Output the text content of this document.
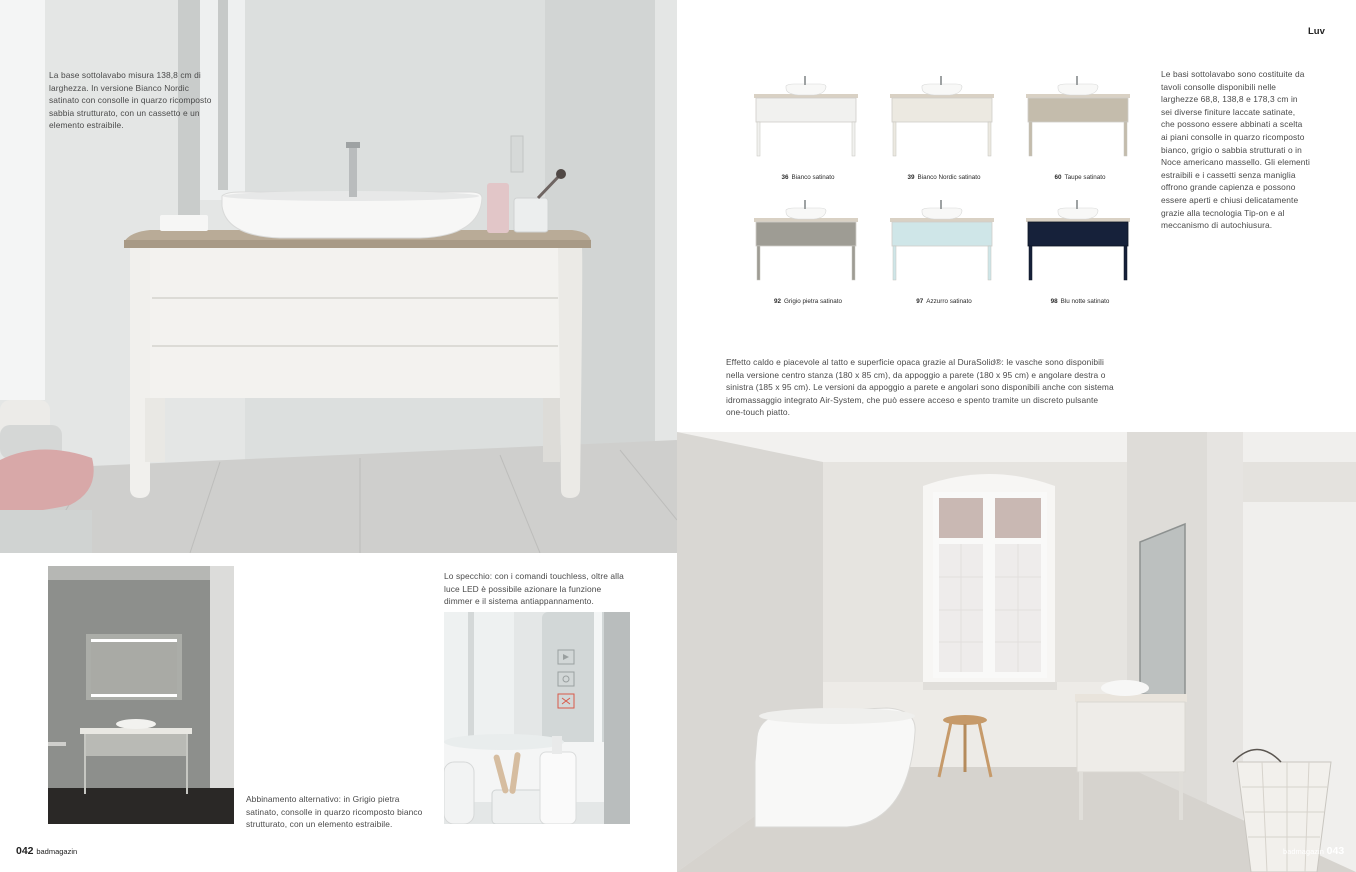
La base sottolavabo misura 138,8 cm di larghezza. In versione Bianco Nordic satinato con consolle in quarzo ricomposto sabbia strutturato, con un cassetto e un elemento estraibile.

Abbinamento alternativo: in Grigio pietra satinato, consolle in quarzo ricomposto bianco strutturato, con un elemento estraibile.

Lo specchio: con i comandi touchless, oltre alla luce LED è possibile azionare la funzione dimmer e il sistema antiappannamento.

042 badmagazin
Luv
36 Bianco satinato	39 Bianco Nordic satinato	60 Taupe satinato
92 Grigio pietra satinato	97 Azzurro satinato	98 Blu notte satinato

Le basi sottolavabo sono costituite da tavoli consolle disponibili nelle larghezze 68,8, 138,8 e 178,3 cm in sei diverse finiture laccate satinate, che possono essere abbinati a scelta ai piani consolle in quarzo ricomposto bianco, grigio o sabbia strutturati o in Noce americano massello. Gli elementi estraibili e i cassetti senza maniglia offrono grande capienza e possono essere aperti e chiusi delicatamente grazie alla tecnologia Tip-on e al meccanismo di autochiusura.

Effetto caldo e piacevole al tatto e superficie opaca grazie al DuraSolid®: le vasche sono disponibili nella versione centro stanza (180 x 85 cm), da appoggio a parete (180 x 95 cm) e angolare destra o sinistra (185 x 95 cm). Le versioni da appoggio a parete e angolari sono disponibili anche con sistema idromassaggio integrato Air-System, che può essere acceso e spento tramite un discreto pulsante one-touch piatto.

badmagazin 043
